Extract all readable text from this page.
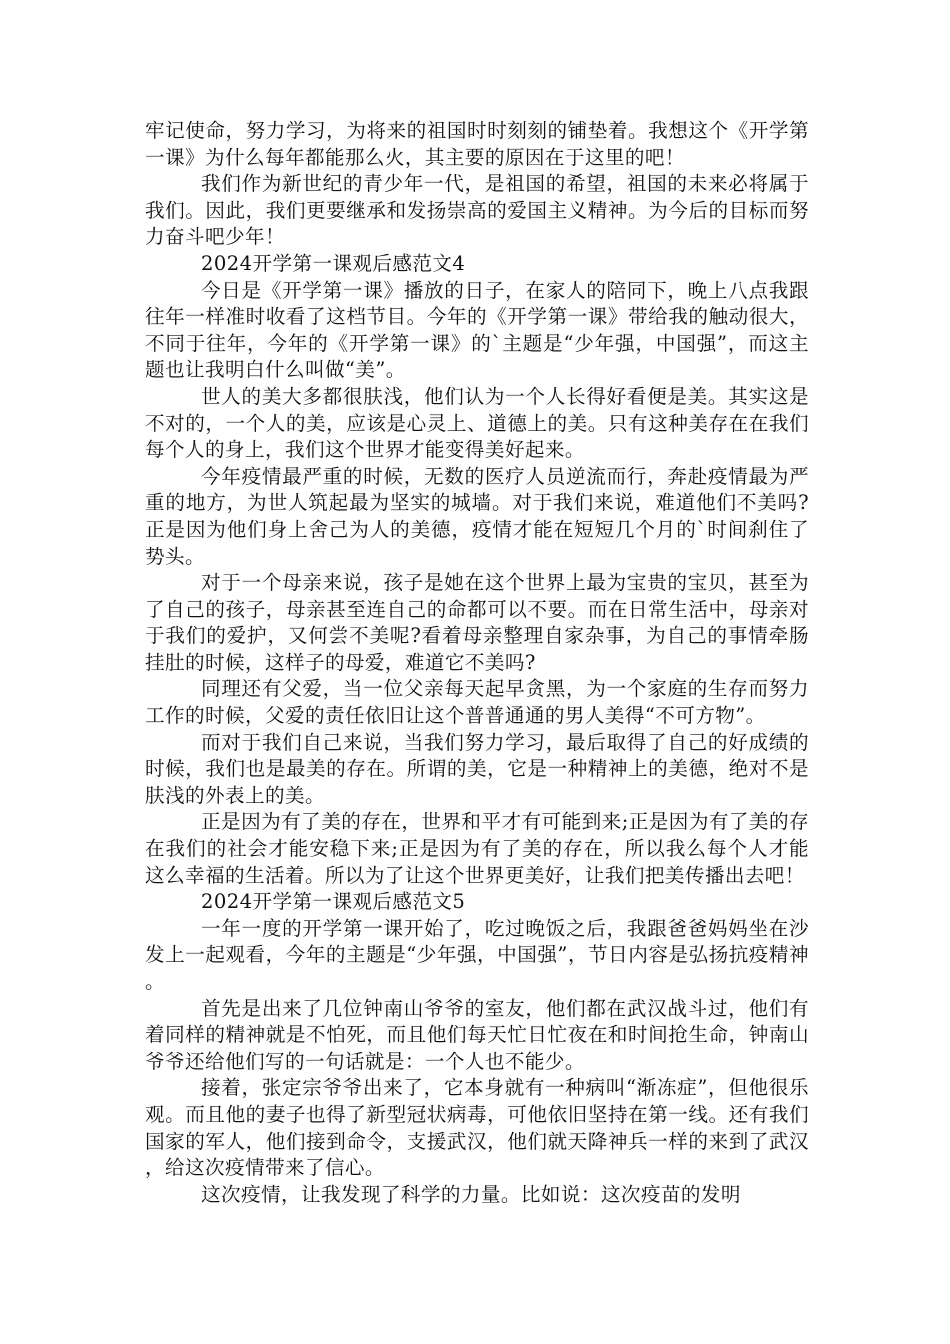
牢记使命，努力学习，为将来的祖国时时刻刻的铺垫着。我想这个《开学第一课》为什么每年都能那么火，其主要的原因在于这里的吧！

我们作为新世纪的青少年一代，是祖国的希望，祖国的未来必将属于我们。因此，我们更要继承和发扬崇高的爱国主义精神。为今后的目标而努力奋斗吧少年！

2024开学第一课观后感范文4

今日是《开学第一课》播放的日子，在家人的陪同下，晚上八点我跟往年一样准时收看了这档节目。今年的《开学第一课》带给我的触动很大，不同于往年，今年的《开学第一课》的`主题是“少年强，中国强”，而这主题也让我明白什么叫做“美”。

世人的美大多都很肤浅，他们认为一个人长得好看便是美。其实这是不对的，一个人的美，应该是心灵上、道德上的美。只有这种美存在在我们每个人的身上，我们这个世界才能变得美好起来。

今年疫情最严重的时候，无数的医疗人员逆流而行，奔赴疫情最为严重的地方，为世人筑起最为坚实的城墙。对于我们来说，难道他们不美吗?正是因为他们身上舍己为人的美德，疫情才能在短短几个月的`时间刹住了势头。

对于一个母亲来说，孩子是她在这个世界上最为宝贵的宝贝，甚至为了自己的孩子，母亲甚至连自己的命都可以不要。而在日常生活中，母亲对于我们的爱护，又何尝不美呢?看着母亲整理自家杂事，为自己的事情牵肠挂肚的时候，这样子的母爱，难道它不美吗?

同理还有父爱，当一位父亲每天起早贪黑，为一个家庭的生存而努力工作的时候，父爱的责任依旧让这个普普通通的男人美得“不可方物”。

而对于我们自己来说，当我们努力学习，最后取得了自己的好成绩的时候，我们也是最美的存在。所谓的美，它是一种精神上的美德，绝对不是肤浅的外表上的美。

正是因为有了美的存在，世界和平才有可能到来;正是因为有了美的存在我们的社会才能安稳下来;正是因为有了美的存在，所以我么每个人才能这么幸福的生活着。所以为了让这个世界更美好，让我们把美传播出去吧！

2024开学第一课观后感范文5

一年一度的开学第一课开始了，吃过晚饭之后，我跟爸爸妈妈坐在沙发上一起观看，今年的主题是“少年强，中国强”，节日内容是弘扬抗疫精神。

首先是出来了几位钟南山爷爷的室友，他们都在武汉战斗过，他们有着同样的精神就是不怕死，而且他们每天忙日忙夜在和时间抢生命，钟南山爷爷还给他们写的一句话就是：一个人也不能少。

接着，张定宗爷爷出来了，它本身就有一种病叫“渐冻症”，但他很乐观。而且他的妻子也得了新型冠状病毒，可他依旧坚持在第一线。还有我们国家的军人，他们接到命令，支援武汉，他们就天降神兵一样的来到了武汉，给这次疫情带来了信心。

这次疫情，让我发现了科学的力量。比如说：这次疫苗的发明
